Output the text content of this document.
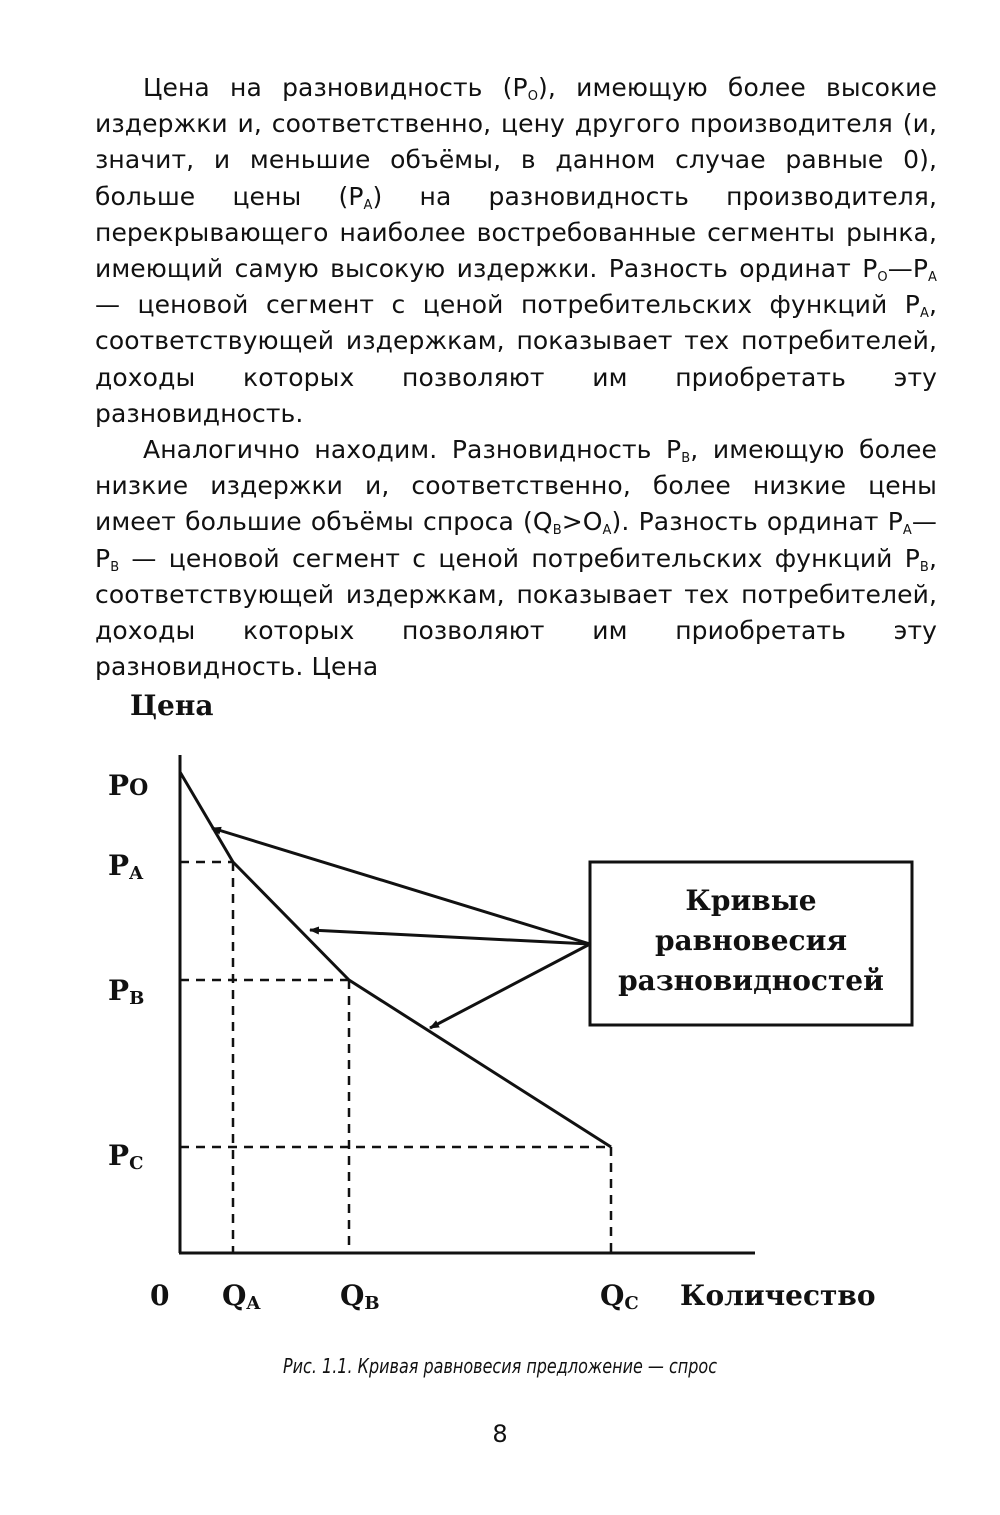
Цена на разновидность $(P_O)$, имеющую более высокие издержки и, соответственно, цену другого производителя (и, значит, и меньшие объёмы, в данном случае равные 0), больше цены $(P_A)$ на разновидность производителя, перекрывающего наиболее востребованные сегменты рынка, имеющий самую высокую издержки. Разность ординат $P_O—P_A$ — ценовой сегмент с ценой потребительских функций $P_A$, соответствующей издержкам, показывает тех потребителей, доходы которых позволяют им приобретать эту разновидность.

Аналогично находим. Разновидность $P_B$, имеющую более низкие издержки и, соответственно, более низкие цены имеет большие объёмы спроса $(Q_B>O_A)$. Разность ординат $P_A—P_B$ — ценовой сегмент с ценой потребительских функций $P_B$, соответствующей издержкам, показывает тех потребителей, доходы которых позволяют им приобретать эту разновидность. Цена

Цена
Количество
0
PO
PA
PB
PC
QA	QB	QC
Кривые
равновесия
разновидностей
Рис. 1.1. Кривая равновесия предложение — спрос
8
